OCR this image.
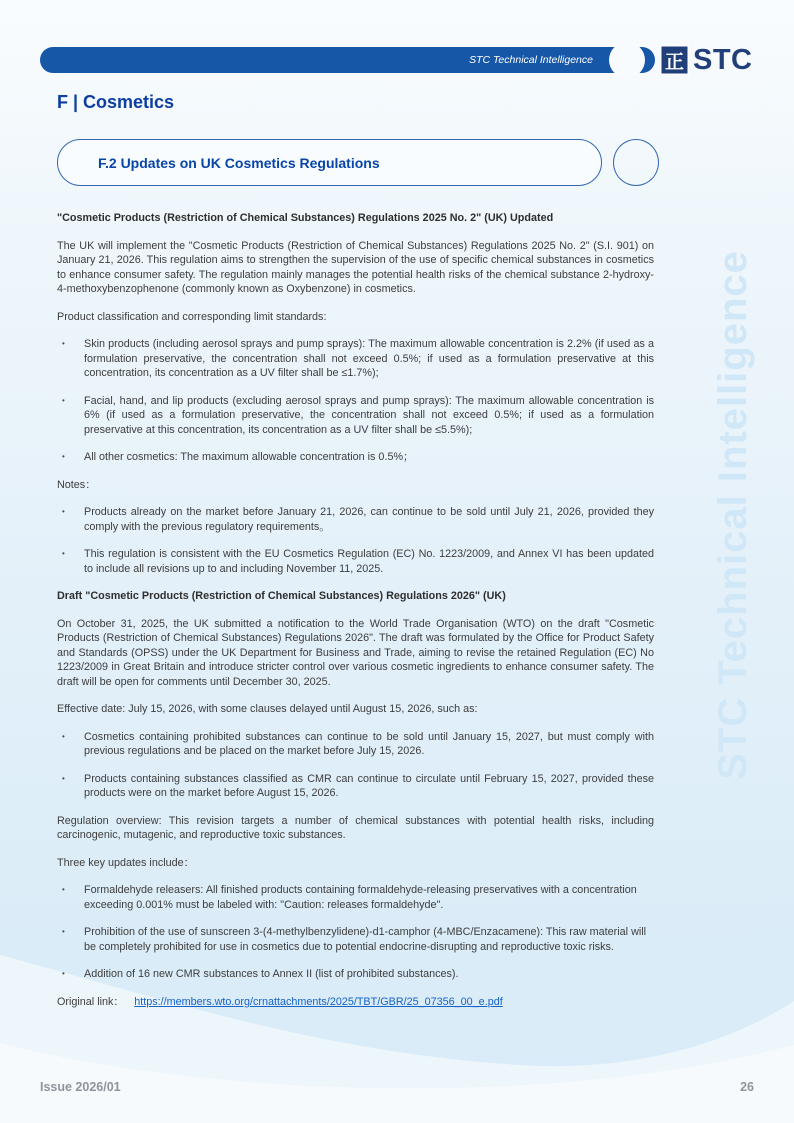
STC Technical Intelligence
STC Technical Intelligence	正 STC
F | Cosmetics
F.2 Updates on UK Cosmetics Regulations

"Cosmetic Products (Restriction of Chemical Substances) Regulations 2025 No. 2" (UK) Updated

The UK will implement the "Cosmetic Products (Restriction of Chemical Substances) Regulations 2025 No. 2" (S.I. 901) on January 21, 2026. This regulation aims to strengthen the supervision of the use of specific chemical substances in cosmetics to enhance consumer safety. The regulation mainly manages the potential health risks of the chemical substance 2-hydroxy-4-methoxybenzophenone (commonly known as Oxybenzone) in cosmetics.

Product classification and corresponding limit standards:

•	Skin products (including aerosol sprays and pump sprays): The maximum allowable concentration is 2.2% (if used as a formulation preservative, the concentration shall not exceed 0.5%; if used as a formulation preservative at this concentration, its concentration as a UV filter shall be ≤1.7%);
•	Facial, hand, and lip products (excluding aerosol sprays and pump sprays): The maximum allowable concentration is 6% (if used as a formulation preservative, the concentration shall not exceed 0.5%; if used as a formulation preservative at this concentration, its concentration as a UV filter shall be ≤5.5%);
•	All other cosmetics: The maximum allowable concentration is 0.5%；

Notes：

•	Products already on the market before January 21, 2026, can continue to be sold until July 21, 2026, provided they comply with the previous regulatory requirements。
•	This regulation is consistent with the EU Cosmetics Regulation (EC) No. 1223/2009, and Annex VI has been updated to include all revisions up to and including November 11, 2025.

Draft "Cosmetic Products (Restriction of Chemical Substances) Regulations 2026" (UK)

On October 31, 2025, the UK submitted a notification to the World Trade Organisation (WTO) on the draft "Cosmetic Products (Restriction of Chemical Substances) Regulations 2026". The draft was formulated by the Office for Product Safety and Standards (OPSS) under the UK Department for Business and Trade, aiming to revise the retained Regulation (EC) No 1223/2009 in Great Britain and introduce stricter control over various cosmetic ingredients to enhance consumer safety. The draft will be open for comments until December 30, 2025.

Effective date: July 15, 2026, with some clauses delayed until August 15, 2026, such as:

•	Cosmetics containing prohibited substances can continue to be sold until January 15, 2027, but must comply with previous regulations and be placed on the market before July 15, 2026.
•	Products containing substances classified as CMR can continue to circulate until February 15, 2027, provided these products were on the market before August 15, 2026.

Regulation overview: This revision targets a number of chemical substances with potential health risks, including carcinogenic, mutagenic, and reproductive toxic substances.

Three key updates include：

•	Formaldehyde releasers: All finished products containing formaldehyde-releasing preservatives with a concentration exceeding 0.001% must be labeled with: "Caution: releases formaldehyde".
•	Prohibition of the use of sunscreen 3-(4-methylbenzylidene)-d1-camphor (4-MBC/Enzacamene): This raw material will be completely prohibited for use in cosmetics due to potential endocrine-disrupting and reproductive toxic risks.
•	Addition of 16 new CMR substances to Annex II (list of prohibited substances).

Original link： https://members.wto.org/crnattachments/2025/TBT/GBR/25_07356_00_e.pdf

Issue 2026/01	26
